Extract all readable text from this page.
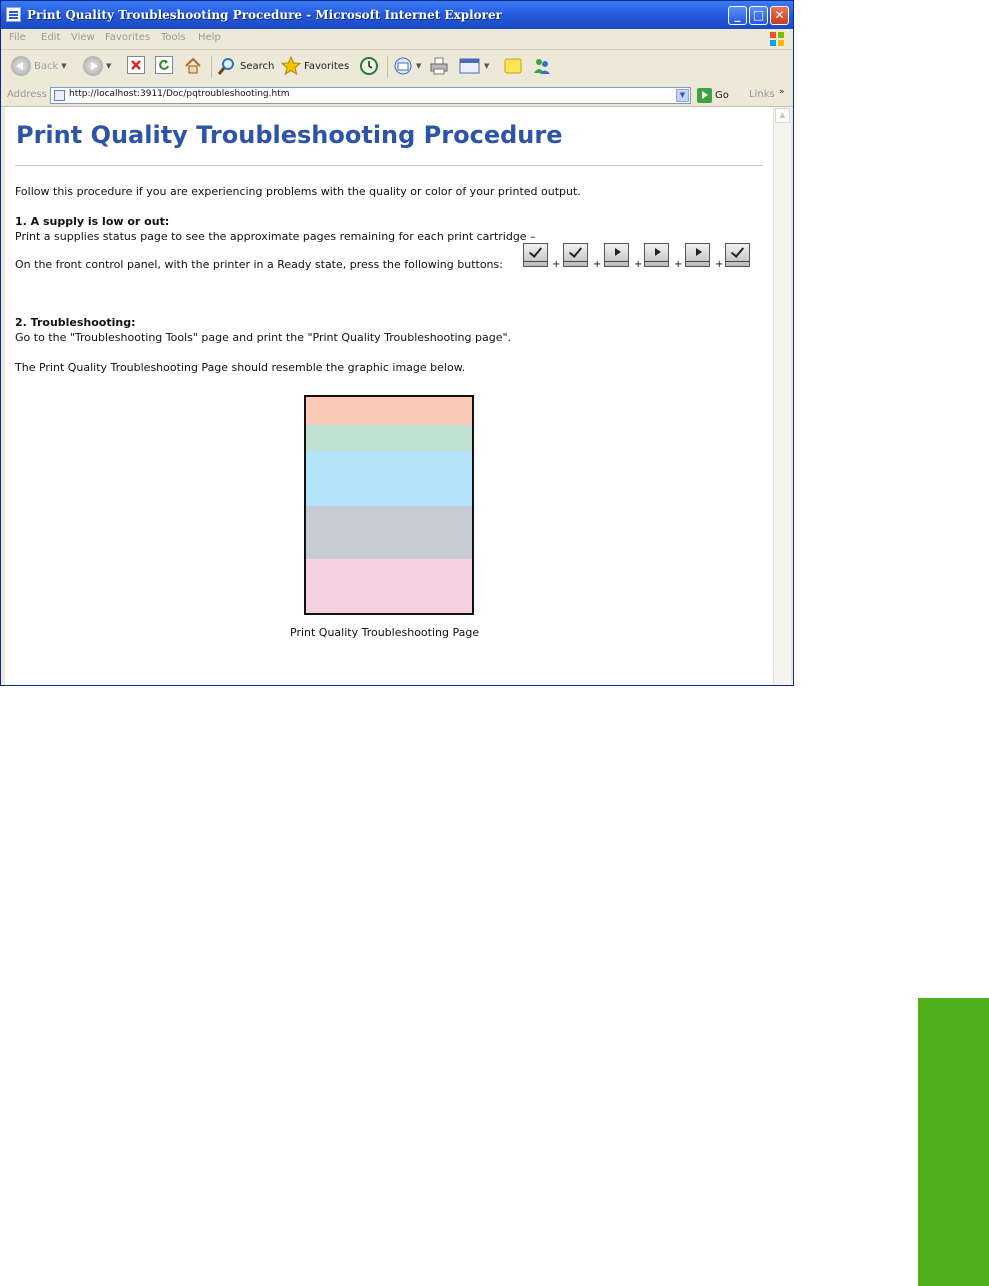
Print Quality Troubleshooting Procedure - Microsoft Internet Explorer	_	□ ✕
File Edit View Favorites Tools Help
Back ▼	▼	Search	Favorites	▼	▼
Address http://localhost:3911/Doc/pqtroubleshooting.htm	▼	Go Links »
Print Quality Troubleshooting Procedure
Follow this procedure if you are experiencing problems with the quality or color of your printed output.
1. A supply is low or out:
Print a supplies status page to see the approximate pages remaining for each print cartridge –
On the front control panel, with the printer in a Ready state, press the following buttons:	+	+	+	+	+
2. Troubleshooting:
Go to the "Troubleshooting Tools" page and print the "Print Quality Troubleshooting page".
The Print Quality Troubleshooting Page should resemble the graphic image below.
Print Quality Troubleshooting Page
▲
